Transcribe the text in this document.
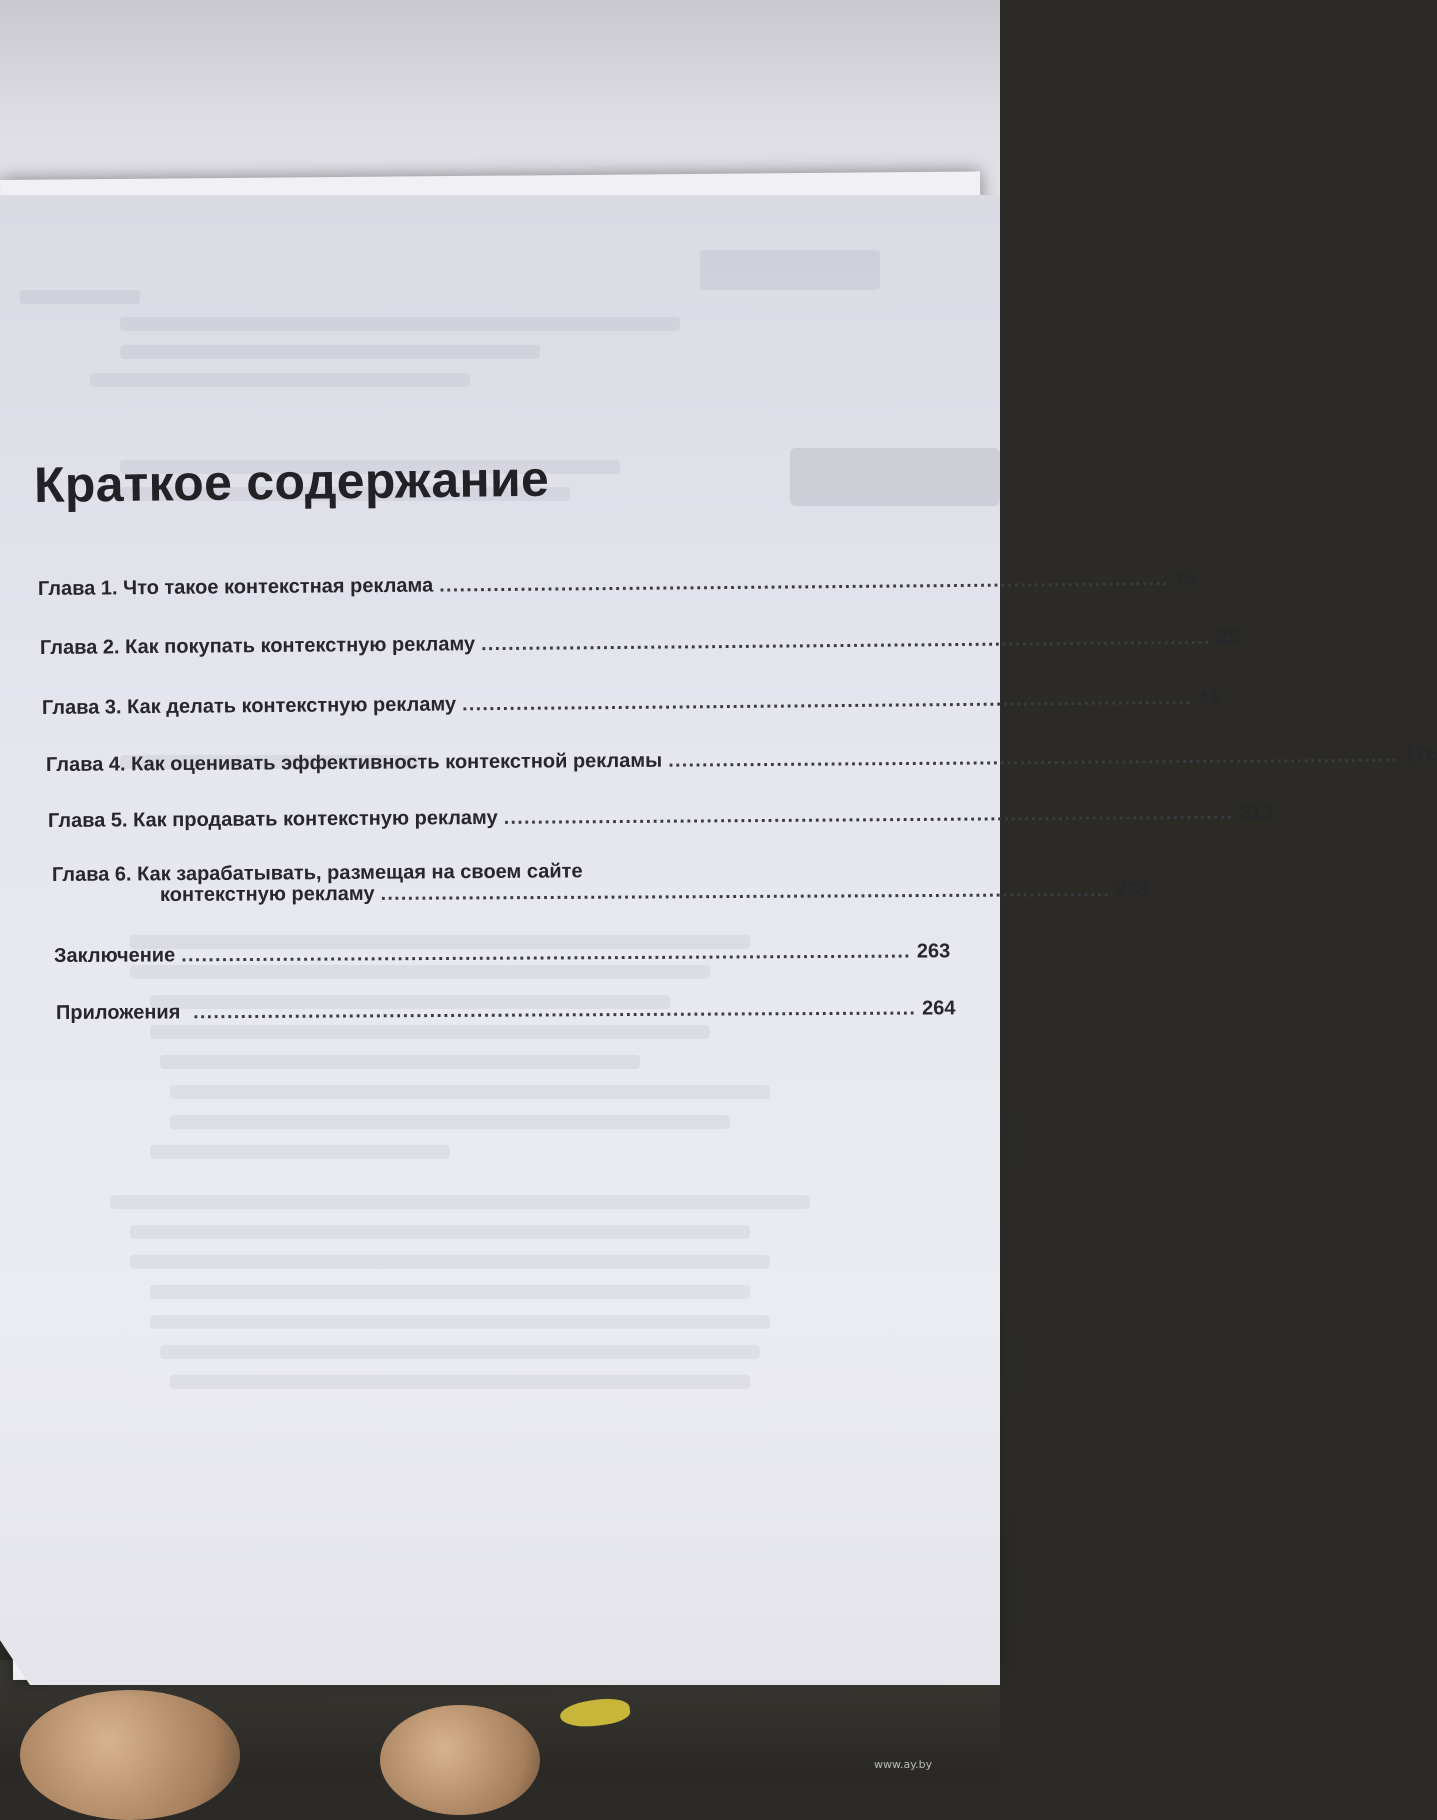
Краткое содержание
Глава 1. Что такое контекстная реклама ............................................................................................................ 15
Глава 2. Как покупать контекстную рекламу ............................................................................................................ 25
Глава 3. Как делать контекстную рекламу ............................................................................................................ 41
Глава 4. Как оценивать эффективность контекстной рекламы ............................................................................................................ 175
Глава 5. Как продавать контекстную рекламу ............................................................................................................ 213
Глава 6. Как зарабатывать, размещая на своем сайте
контекстную рекламу ............................................................................................................ 233
Заключение ............................................................................................................ 263
Приложения ........................................................................................................... 264
www.ay.by
